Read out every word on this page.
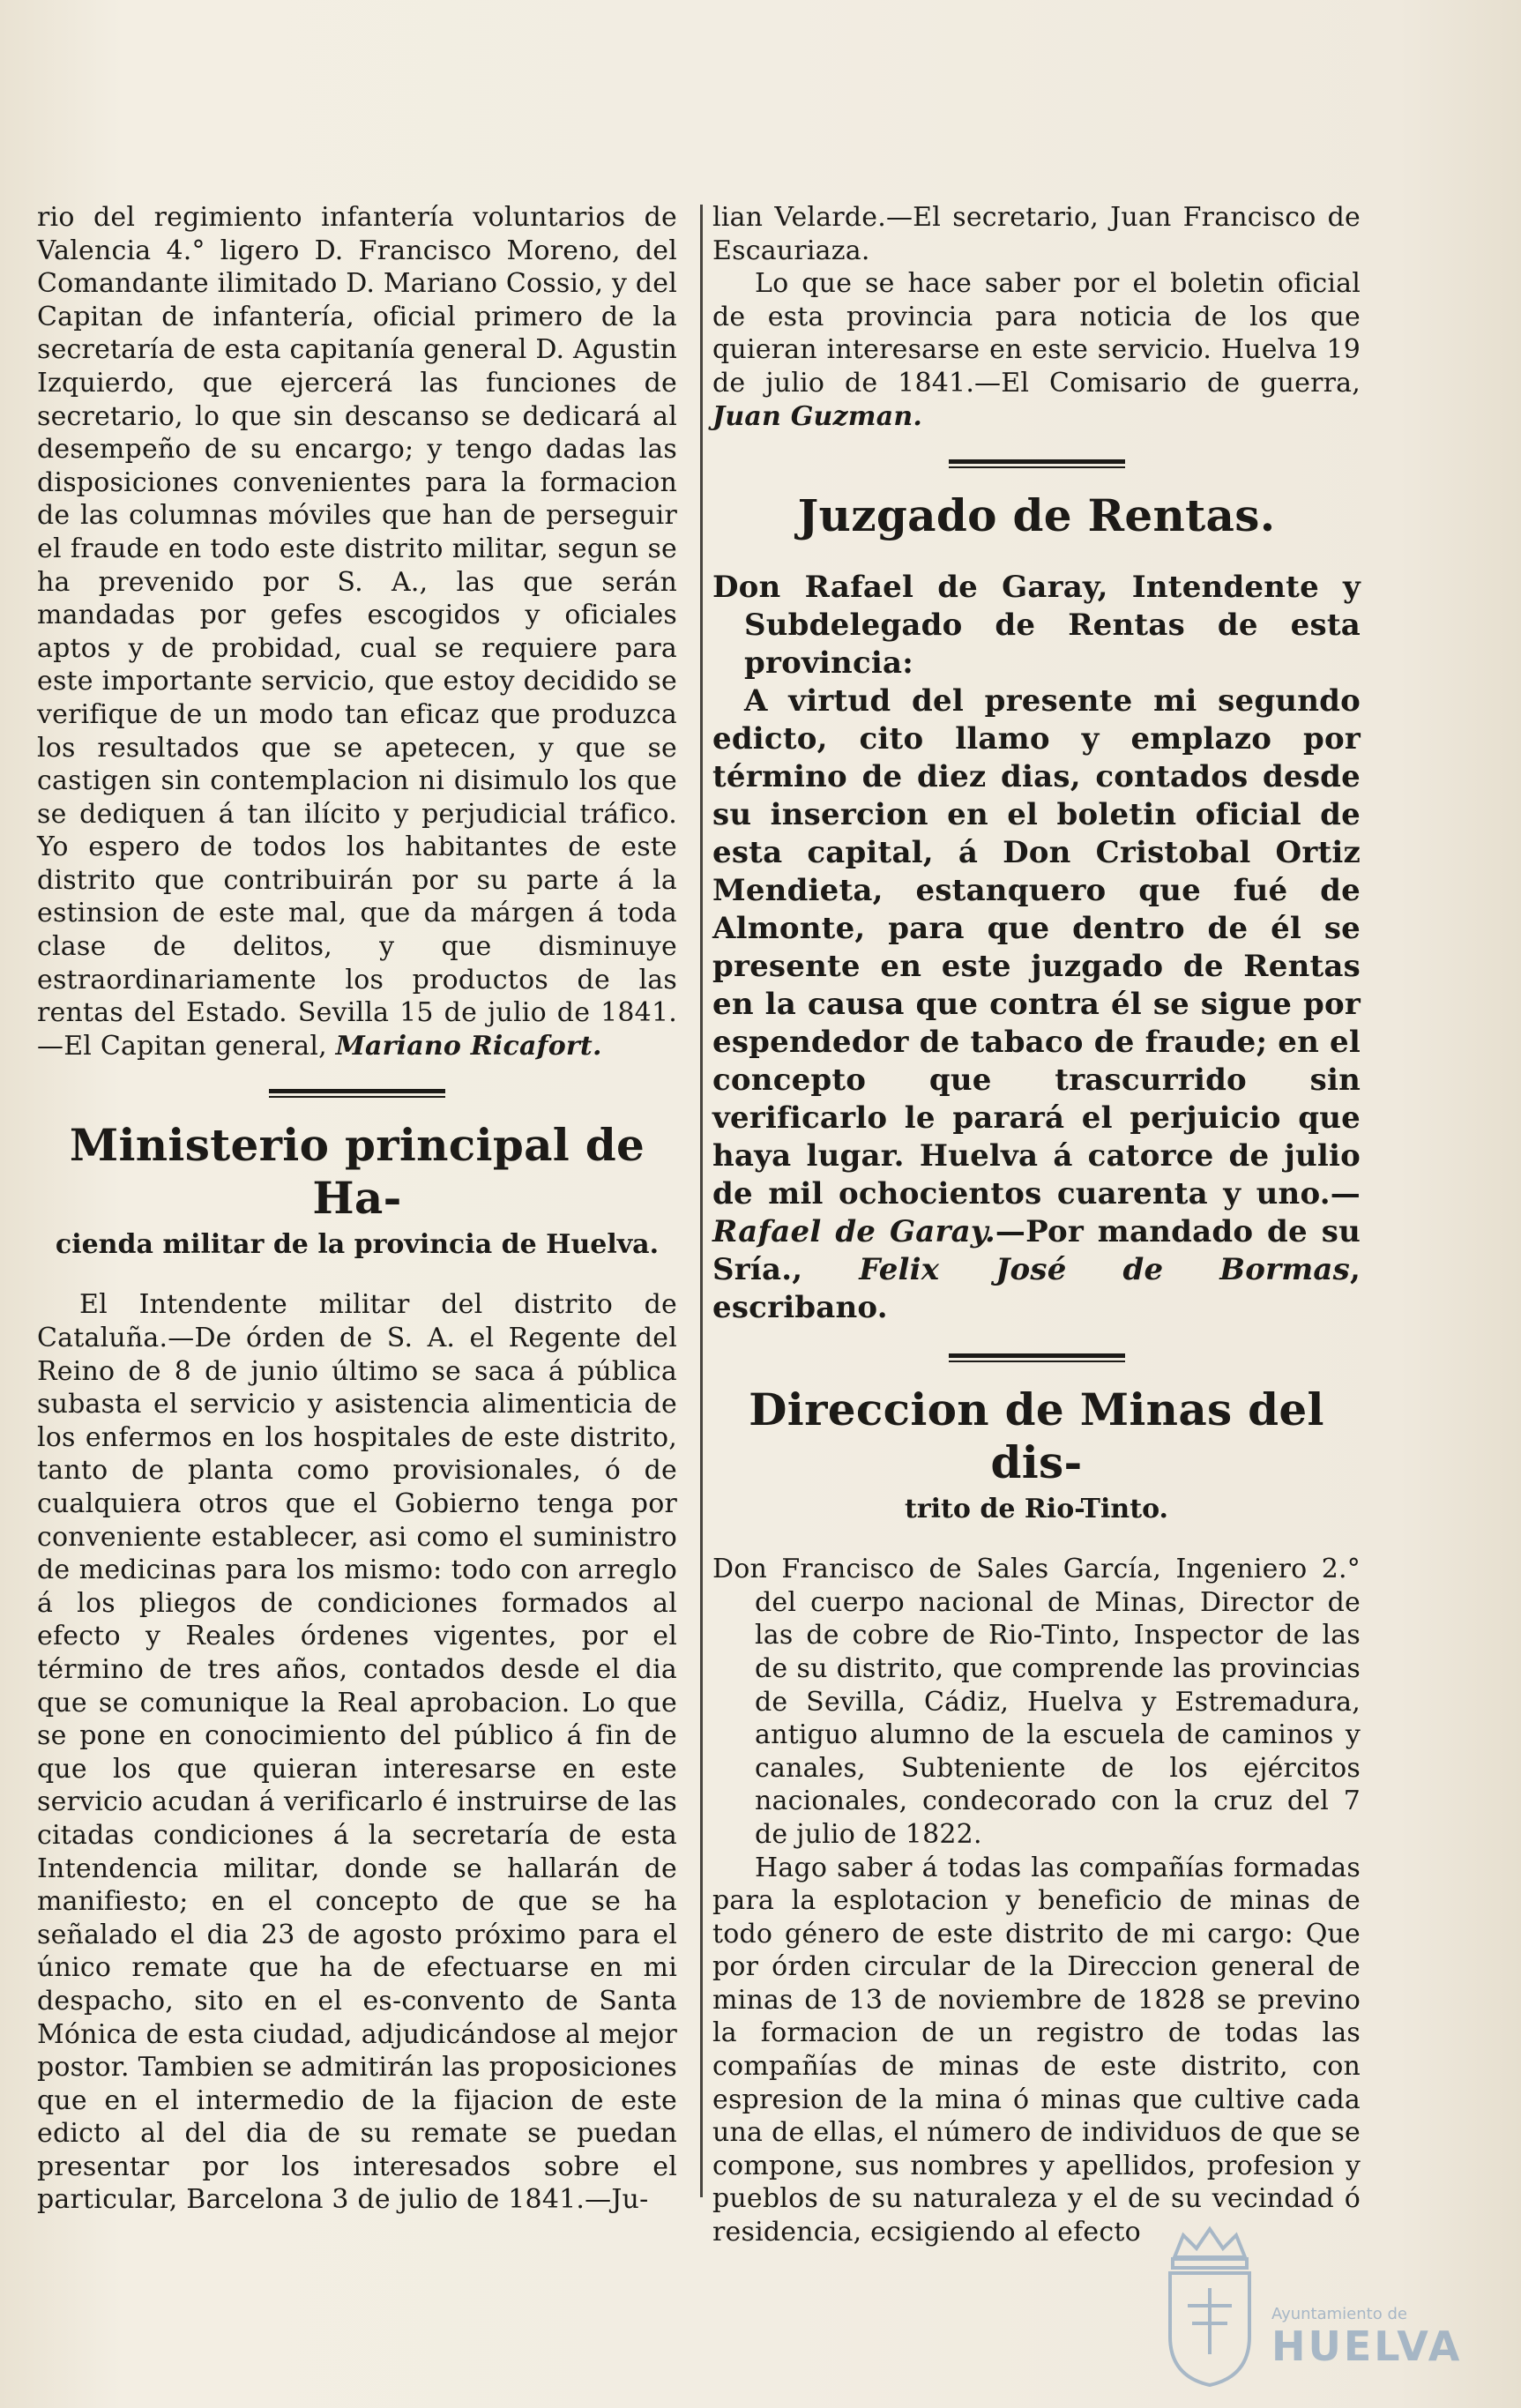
rio del regimiento infantería voluntarios de Valencia 4.° ligero D. Francisco Moreno, del Comandante ilimitado D. Mariano Cossio, y del Capitan de infantería, oficial primero de la secretaría de esta capitanía general D. Agustin Izquierdo, que ejercerá las funciones de secretario, lo que sin descanso se dedicará al desempeño de su encargo; y tengo dadas las disposiciones convenientes para la formacion de las columnas móviles que han de perseguir el fraude en todo este distrito militar, segun se ha prevenido por S. A., las que serán mandadas por gefes escogidos y oficiales aptos y de probidad, cual se requiere para este importante servicio, que estoy decidido se verifique de un modo tan eficaz que produzca los resultados que se apetecen, y que se castigen sin contemplacion ni disimulo los que se dediquen á tan ilícito y perjudicial tráfico. Yo espero de todos los habitantes de este distrito que contribuirán por su parte á la estinsion de este mal, que da márgen á toda clase de delitos, y que disminuye estraordinariamente los productos de las rentas del Estado. Sevilla 15 de julio de 1841.—El Capitan general, Mariano Ricafort.

Ministerio principal de Ha-
cienda militar de la provincia de Huelva.

El Intendente militar del distrito de Cataluña.—De órden de S. A. el Regente del Reino de 8 de junio último se saca á pública subasta el servicio y asistencia alimenticia de los enfermos en los hospitales de este distrito, tanto de planta como provisionales, ó de cualquiera otros que el Gobierno tenga por conveniente establecer, asi como el suministro de medicinas para los mismo: todo con arreglo á los pliegos de condiciones formados al efecto y Reales órdenes vigentes, por el término de tres años, contados desde el dia que se comunique la Real aprobacion. Lo que se pone en conocimiento del público á fin de que los que quieran interesarse en este servicio acudan á verificarlo é instruirse de las citadas condiciones á la secretaría de esta Intendencia militar, donde se hallarán de manifiesto; en el concepto de que se ha señalado el dia 23 de agosto próximo para el único remate que ha de efectuarse en mi despacho, sito en el es-convento de Santa Mónica de esta ciudad, adjudicándose al mejor postor. Tambien se admitirán las proposiciones que en el intermedio de la fijacion de este edicto al del dia de su remate se puedan presentar por los interesados sobre el particular, Barcelona 3 de julio de 1841.—Ju-

lian Velarde.—El secretario, Juan Francisco de Escauriaza.

Lo que se hace saber por el boletin oficial de esta provincia para noticia de los que quieran interesarse en este servicio. Huelva 19 de julio de 1841.—El Comisario de guerra, Juan Guzman.

Juzgado de Rentas.

Don Rafael de Garay, Intendente y Subdelegado de Rentas de esta provincia:

A virtud del presente mi segundo edicto, cito llamo y emplazo por término de diez dias, contados desde su insercion en el boletin oficial de esta capital, á Don Cristobal Ortiz Mendieta, estanquero que fué de Almonte, para que dentro de él se presente en este juzgado de Rentas en la causa que contra él se sigue por espendedor de tabaco de fraude; en el concepto que trascurrido sin verificarlo le parará el perjuicio que haya lugar. Huelva á catorce de julio de mil ochocientos cuarenta y uno.—Rafael de Garay.—Por mandado de su Sría., Felix José de Bormas, escribano.

Direccion de Minas del dis-
trito de Rio-Tinto.

Don Francisco de Sales García, Ingeniero 2.° del cuerpo nacional de Minas, Director de las de cobre de Rio-Tinto, Inspector de las de su distrito, que comprende las provincias de Sevilla, Cádiz, Huelva y Estremadura, antiguo alumno de la escuela de caminos y canales, Subteniente de los ejércitos nacionales, condecorado con la cruz del 7 de julio de 1822.

Hago saber á todas las compañías formadas para la esplotacion y beneficio de minas de todo género de este distrito de mi cargo: Que por órden circular de la Direccion general de minas de 13 de noviembre de 1828 se previno la formacion de un registro de todas las compañías de minas de este distrito, con espresion de la mina ó minas que cultive cada una de ellas, el número de individuos de que se compone, sus nombres y apellidos, profesion y pueblos de su naturaleza y el de su vecindad ó residencia, ecsigiendo al efecto

Ayuntamiento de
HUELVA
